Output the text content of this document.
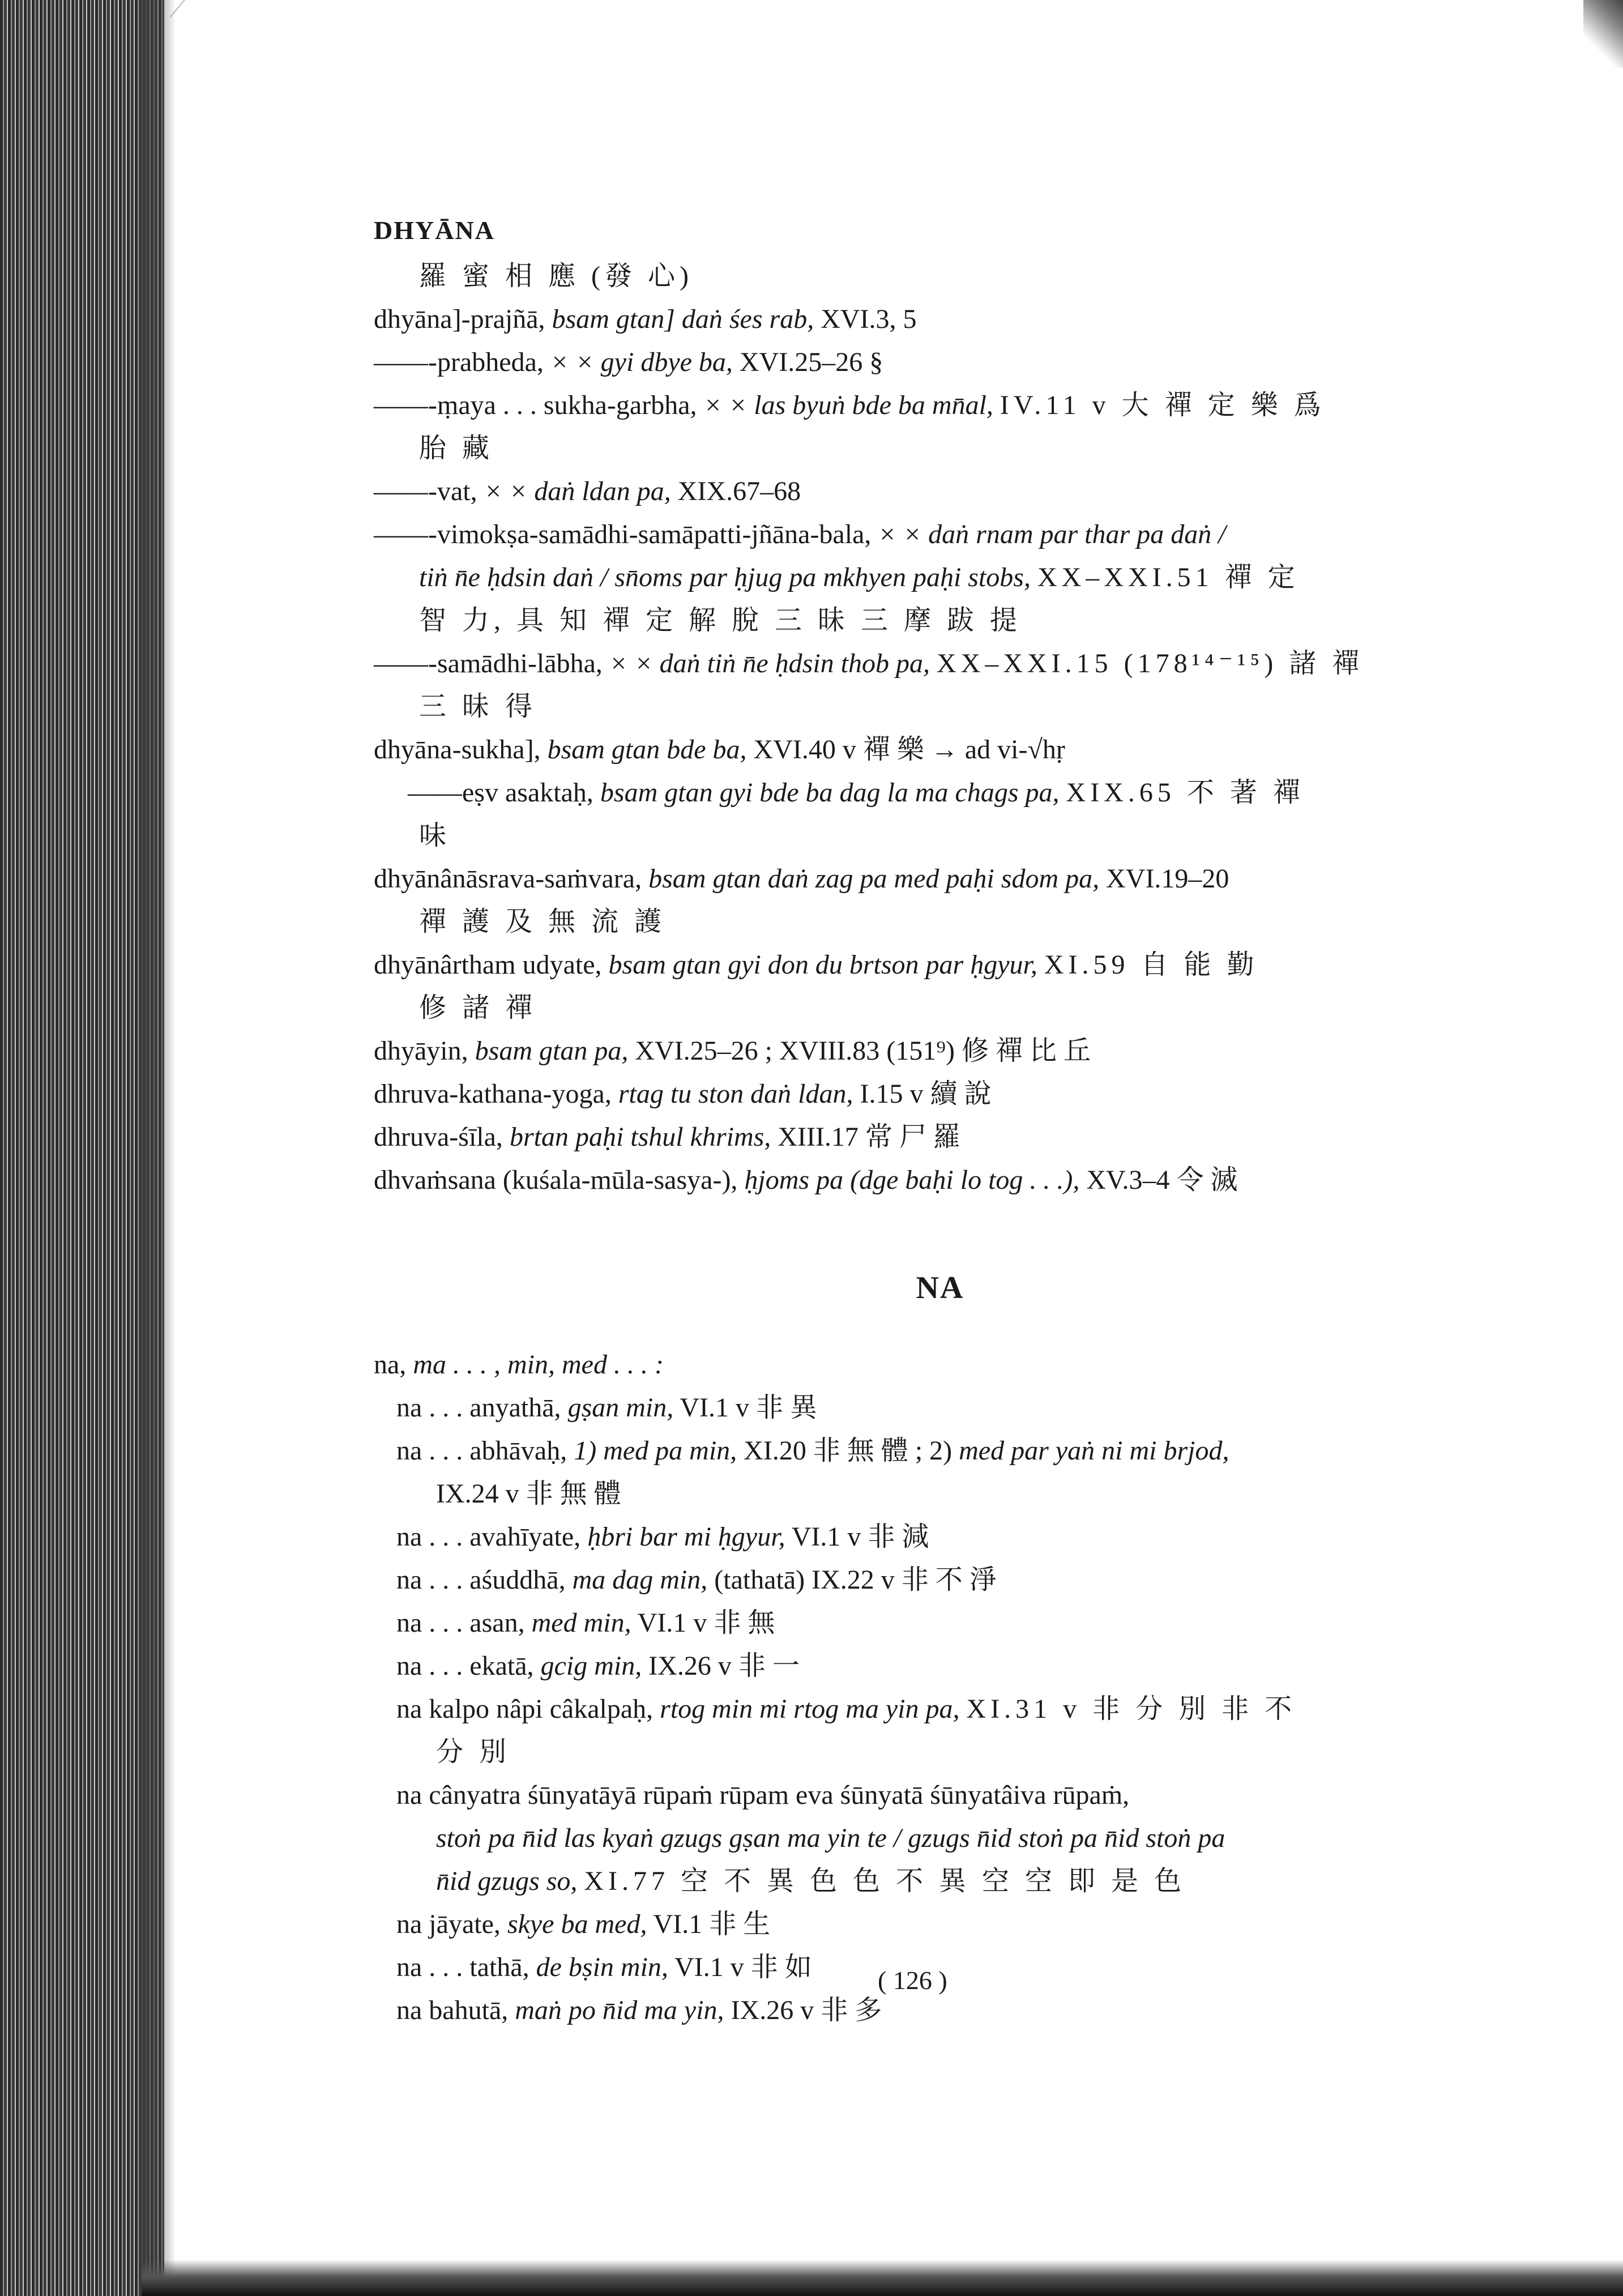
DHYĀNA
羅 蜜 相 應 (發 心)
dhyāna]-prajñā, bsam gtan] daṅ śes rab, XVI.3, 5
――-prabheda, × × gyi dbye ba, XVI.25–26 §
――-ṃaya . . . sukha-garbha, × × las byuṅ bde ba mn̄al, IV.11 v 大 禪 定 樂 爲
胎 藏
――-vat, × × daṅ ldan pa, XIX.67–68
――-vimokṣa-samādhi-samāpatti-jñāna-bala, × × daṅ rnam par thar pa daṅ /
tiṅ n̄e ḥdsin daṅ / sn̄oms par ḥjug pa mkhyen paḥi stobs, XX–XXI.51 禪 定
智 力, 具 知 禪 定 解 脫 三 昧 三 摩 跋 提
――-samādhi-lābha, × × daṅ tiṅ n̄e ḥdsin thob pa, XX–XXI.15 (178¹⁴⁻¹⁵) 諸 禪
三 昧 得
dhyāna-sukha], bsam gtan bde ba, XVI.40 v 禪 樂 → ad vi-√hṛ
――eṣv asaktaḥ, bsam gtan gyi bde ba dag la ma chags pa, XIX.65 不 著 禪
味
dhyānânāsrava-saṁvara, bsam gtan daṅ zag pa med paḥi sdom pa, XVI.19–20
禪 護 及 無 流 護
dhyānârtham udyate, bsam gtan gyi don du brtson par ḥgyur, XI.59 自 能 勤
修 諸 禪
dhyāyin, bsam gtan pa, XVI.25–26 ; XVIII.83 (151⁹) 修 禪 比 丘
dhruva-kathana-yoga, rtag tu ston daṅ ldan, I.15 v 續 說
dhruva-śīla, brtan paḥi tshul khrims, XIII.17 常 尸 羅
dhvaṁsana (kuśala-mūla-sasya-), ḥjoms pa (dge baḥi lo tog . . .), XV.3–4 令 滅
NA
na, ma . . . , min, med . . . :
na . . . anyathā, gṣan min, VI.1 v 非 異
na . . . abhāvaḥ, 1) med pa min, XI.20 非 無 體 ; 2) med par yaṅ ni mi brjod,
IX.24 v 非 無 體
na . . . avahīyate, ḥbri bar mi ḥgyur, VI.1 v 非 減
na . . . aśuddhā, ma dag min, (tathatā) IX.22 v 非 不 淨
na . . . asan, med min, VI.1 v 非 無
na . . . ekatā, gcig min, IX.26 v 非 一
na kalpo nâpi câkalpaḥ, rtog min mi rtog ma yin pa, XI.31 v 非 分 別 非 不
分 別
na cânyatra śūnyatāyā rūpaṁ rūpam eva śūnyatā śūnyatâiva rūpaṁ,
stoṅ pa n̄id las kyaṅ gzugs gṣan ma yin te / gzugs n̄id stoṅ pa n̄id stoṅ pa
n̄id gzugs so, XI.77 空 不 異 色 色 不 異 空 空 即 是 色
na jāyate, skye ba med, VI.1 非 生
na . . . tathā, de bṣin min, VI.1 v 非 如
na bahutā, maṅ po n̄id ma yin, IX.26 v 非 多
( 126 )
